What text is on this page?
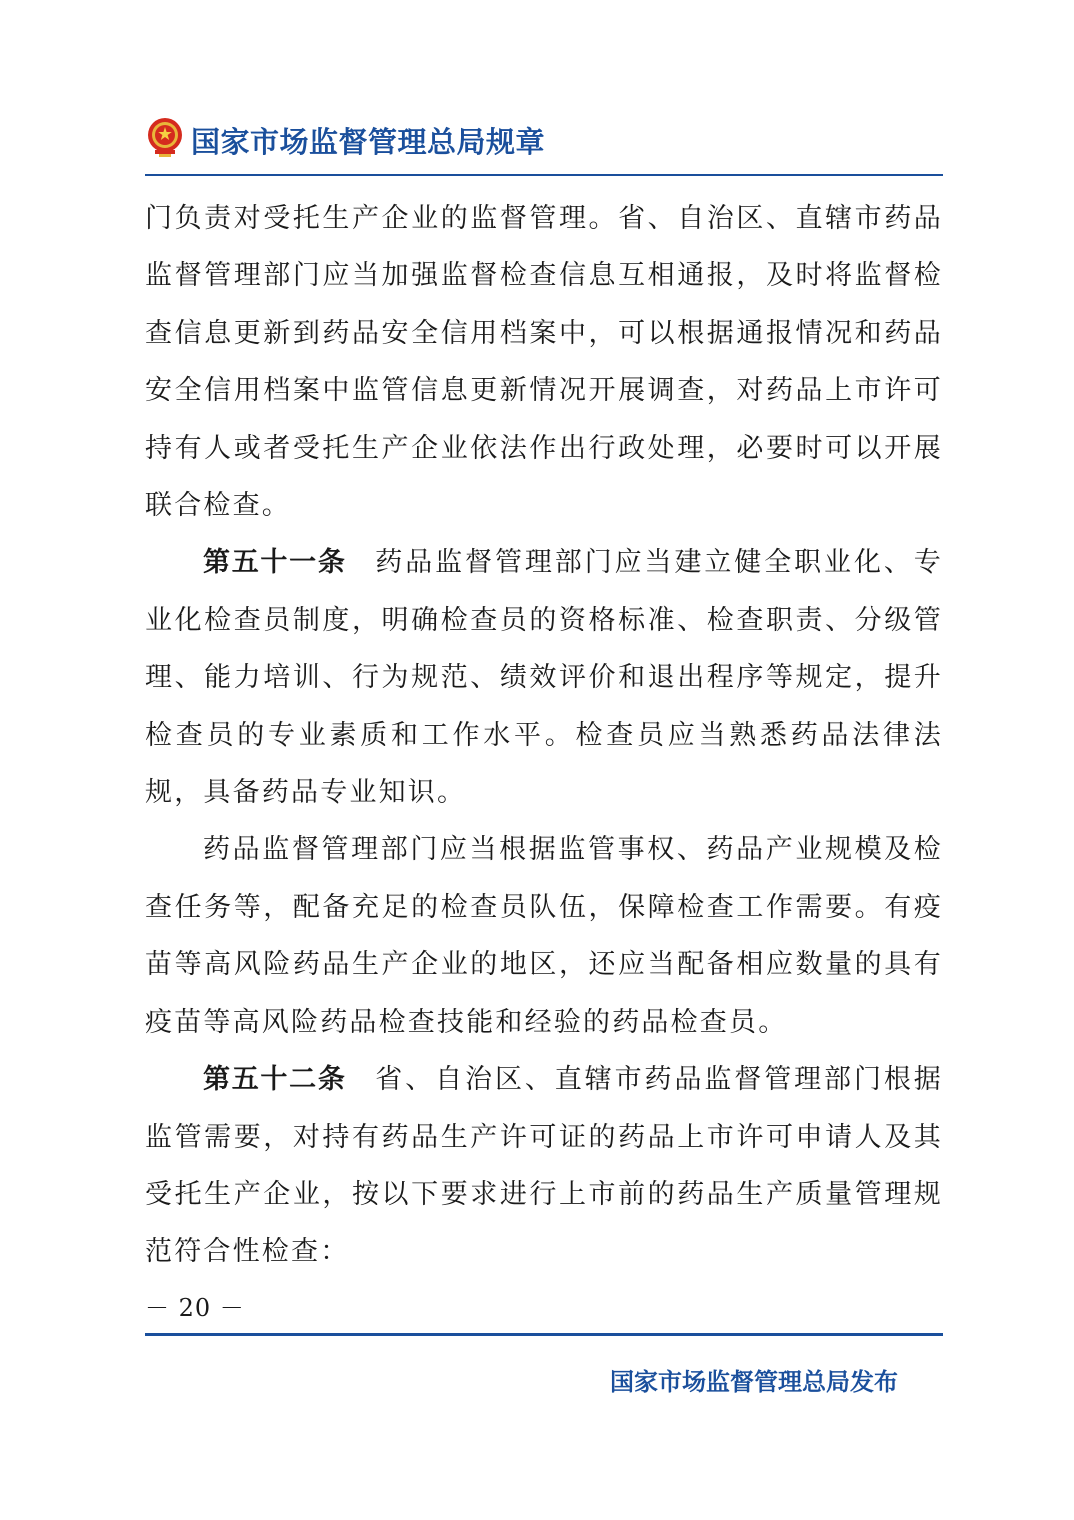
国家市场监督管理总局规章

门负责对受托生产企业的监督管理。省、自治区、直辖市药品监督管理部门应当加强监督检查信息互相通报，及时将监督检查信息更新到药品安全信用档案中，可以根据通报情况和药品安全信用档案中监管信息更新情况开展调查，对药品上市许可持有人或者受托生产企业依法作出行政处理，必要时可以开展联合检查。

第五十一条 药品监督管理部门应当建立健全职业化、专业化检查员制度，明确检查员的资格标准、检查职责、分级管理、能力培训、行为规范、绩效评价和退出程序等规定，提升检查员的专业素质和工作水平。检查员应当熟悉药品法律法规，具备药品专业知识。

药品监督管理部门应当根据监管事权、药品产业规模及检查任务等，配备充足的检查员队伍，保障检查工作需要。有疫苗等高风险药品生产企业的地区，还应当配备相应数量的具有疫苗等高风险药品检查技能和经验的药品检查员。

第五十二条 省、自治区、直辖市药品监督管理部门根据监管需要，对持有药品生产许可证的药品上市许可申请人及其受托生产企业，按以下要求进行上市前的药品生产质量管理规范符合性检查：

－ 20 －
国家市场监督管理总局发布
